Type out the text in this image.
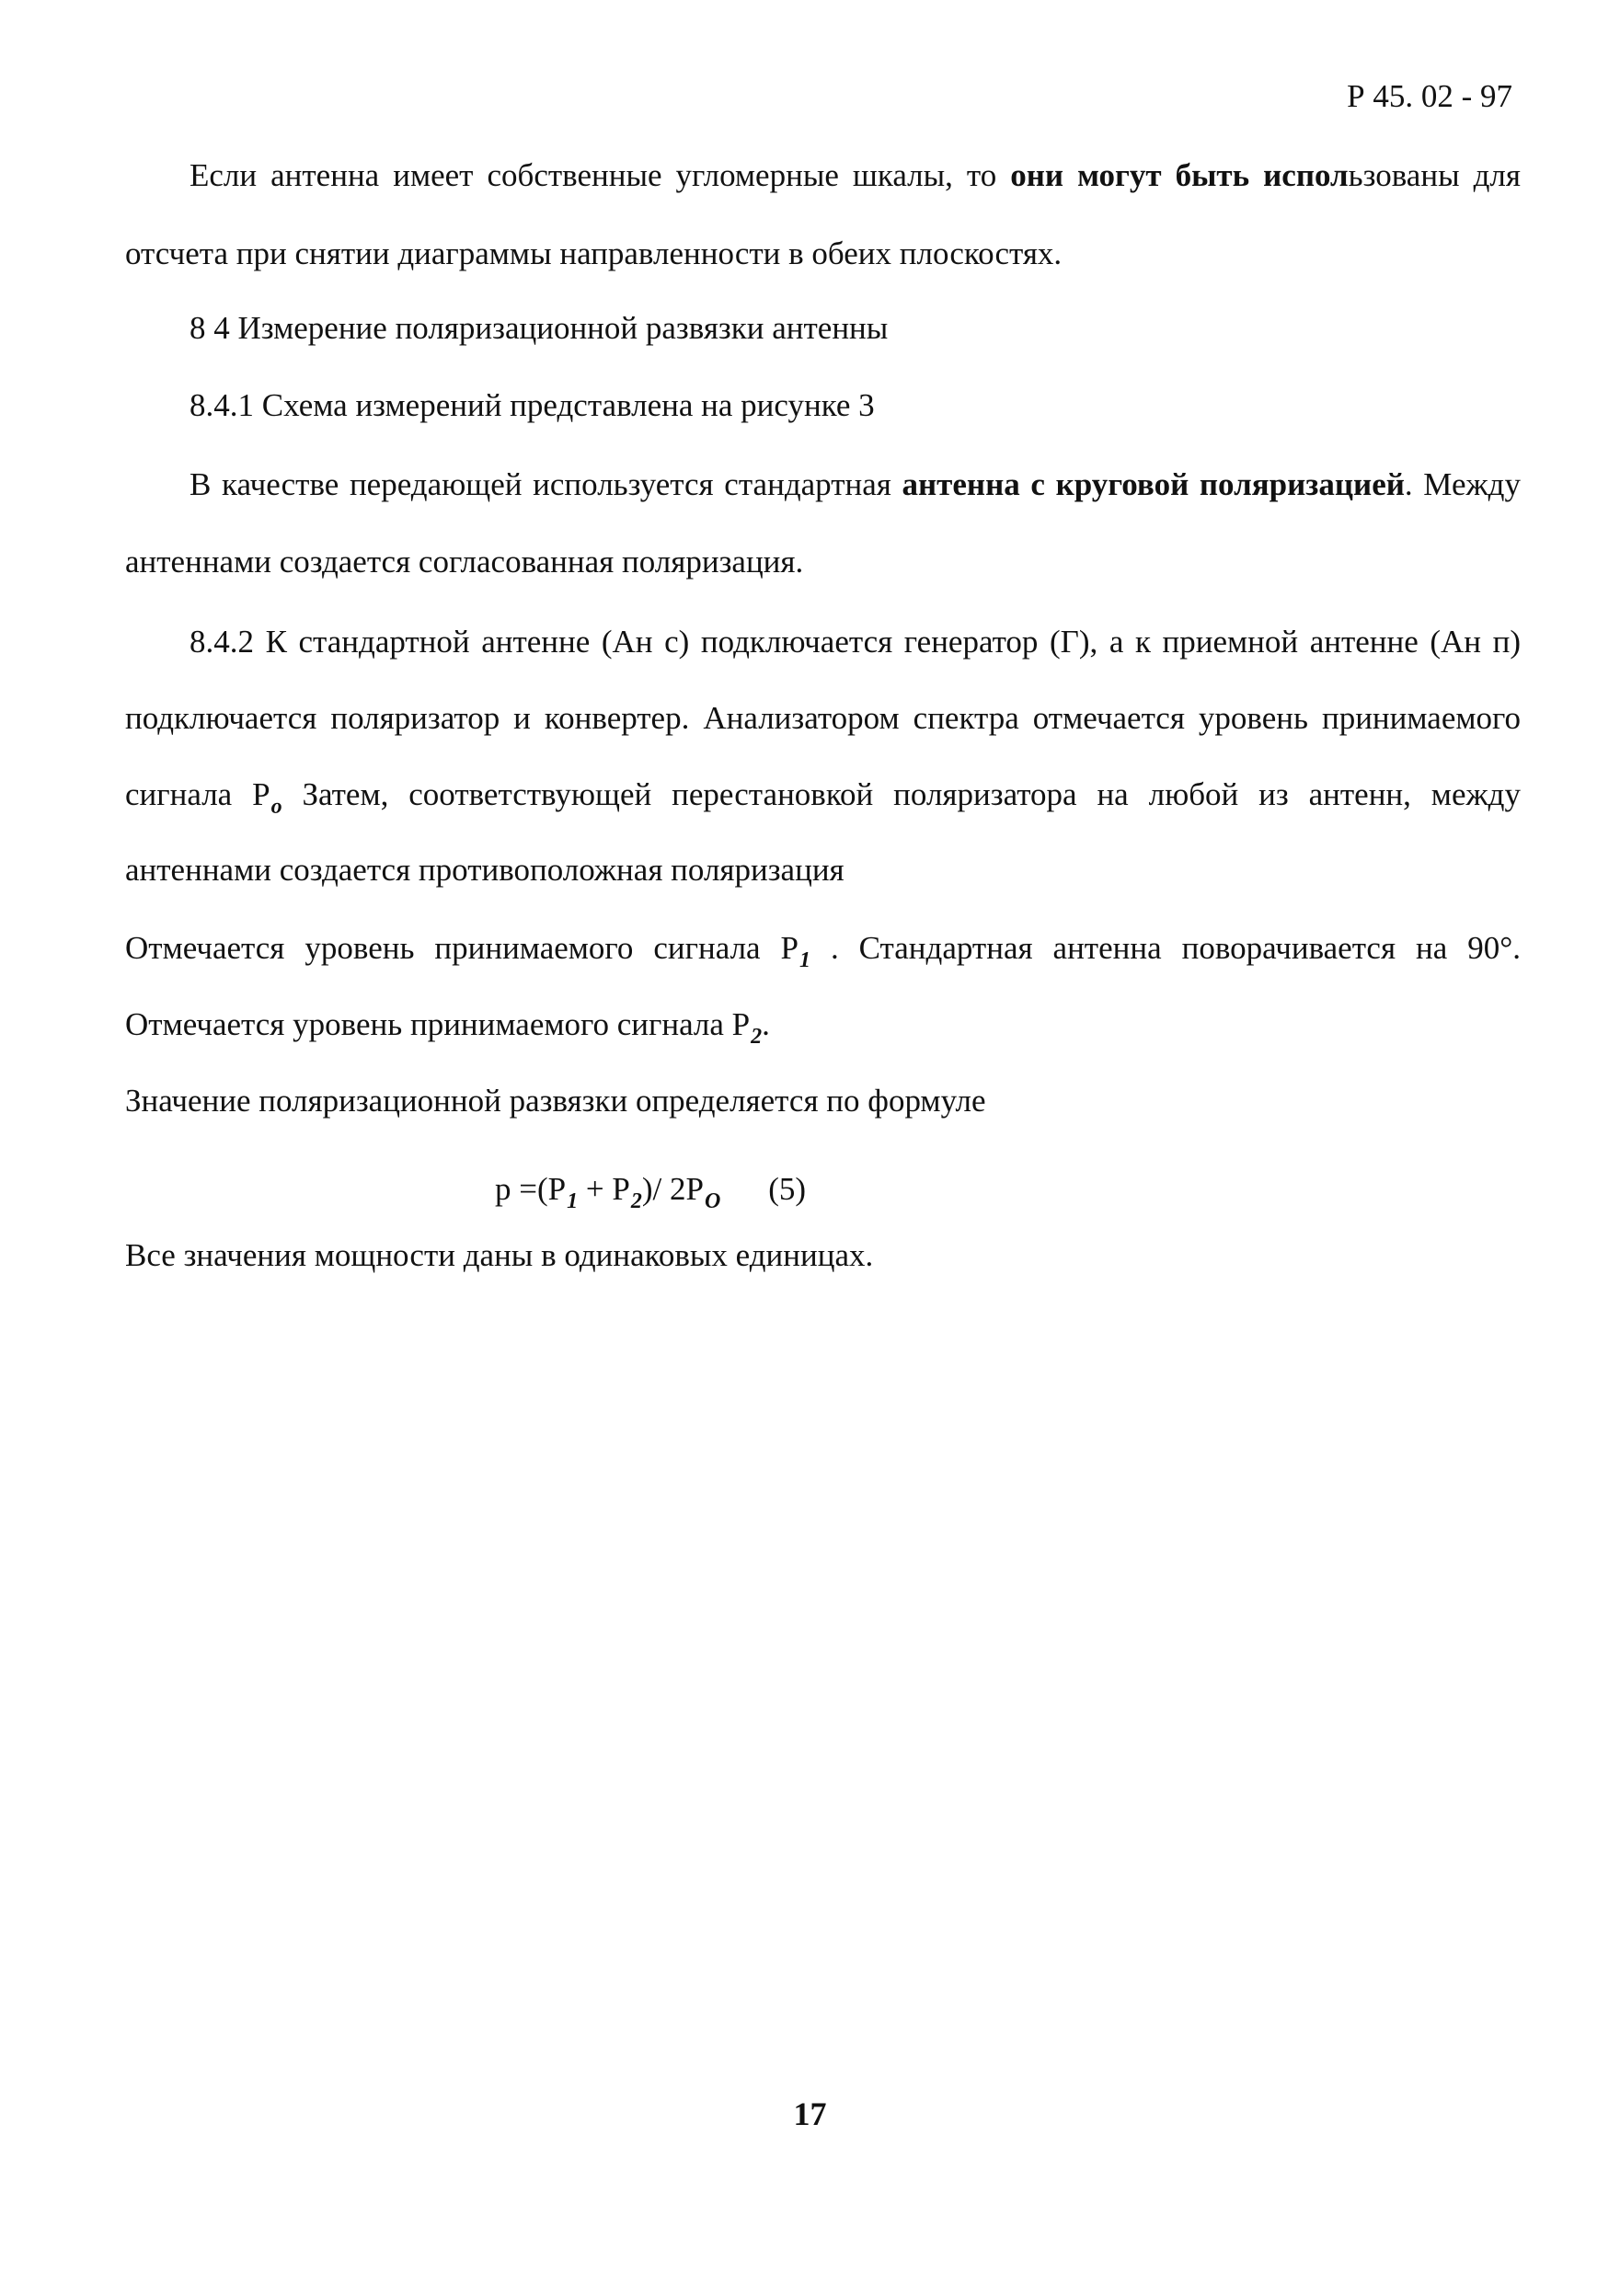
Р 45. 02 - 97
Если антенна имеет собственные угломерные шкалы, то они могут быть использованы для
отсчета при снятии диаграммы направленности в обеих плоскостях.
8 4 Измерение поляризационной развязки антенны
8.4.1 Схема измерений представлена на рисунке 3
В качестве передающей используется стандартная антенна с круговой поляризацией. Между
антеннами создается согласованная поляризация.
8.4.2 К стандартной антенне (Ан с) подключается генератор (Г), а к приемной антенне (Ан п)
подключается поляризатор и конвертер. Анализатором спектра отмечается уровень принимаемого
сигнала $P_о$ Затем, соответствующей перестановкой поляризатора на любой из антенн, между
антеннами создается противоположная поляризация
Отмечается уровень принимаемого сигнала $P_1$ . Стандартная антенна поворачивается на 90°.
Отмечается уровень принимаемого сигнала $P_2$.
Значение поляризационной развязки определяется по формуле
$p =(P_1 + P_2)/$ $2P_O$ (5)
Все значения мощности даны в одинаковых единицах.
17
